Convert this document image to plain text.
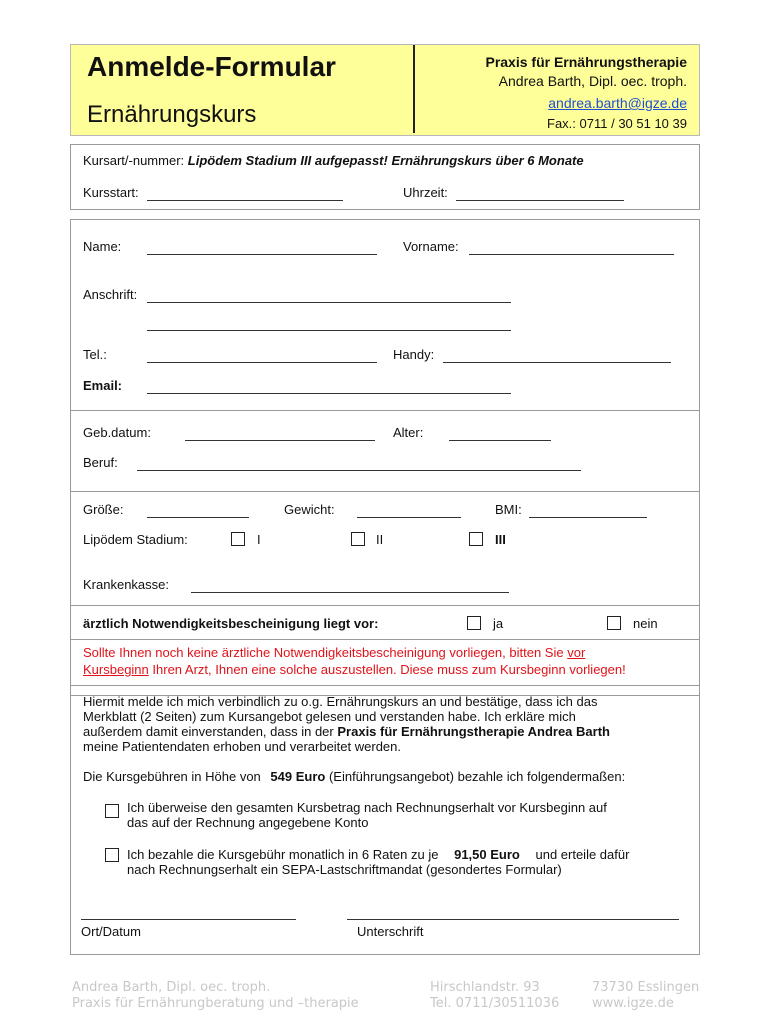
Anmelde-Formular
Ernährungskurs
Praxis für Ernährungstherapie
Andrea Barth, Dipl. oec. troph.
andrea.barth@igze.de
Fax.: 0711 / 30 51 10 39
Kursart/-nummer: Lipödem Stadium III aufgepasst! Ernährungskurs über 6 Monate
Kursstart:	Uhrzeit:
Name:	Vorname:
Anschrift:
Tel.:	Handy:
Email:
Geb.datum:	Alter:
Beruf:
Größe:	Gewicht:	BMI:
Lipödem Stadium:	I	II	III
Krankenkasse:
ärztlich Notwendigkeitsbescheinigung liegt vor:	ja	nein
Sollte Ihnen noch keine ärztliche Notwendigkeitsbescheinigung vorliegen, bitten Sie vor
Kursbeginn Ihren Arzt, Ihnen eine solche auszustellen. Diese muss zum Kursbeginn vorliegen!
Hiermit melde ich mich verbindlich zu o.g. Ernährungskurs an und bestätige, dass ich das
Merkblatt (2 Seiten) zum Kursangebot gelesen und verstanden habe. Ich erkläre mich
außerdem damit einverstanden, dass in der Praxis für Ernährungstherapie Andrea Barth
meine Patientendaten erhoben und verarbeitet werden.
Die Kursgebühren in Höhe von 549 Euro (Einführungsangebot) bezahle ich folgendermaßen:
Ich überweise den gesamten Kursbetrag nach Rechnungserhalt vor Kursbeginn auf
das auf der Rechnung angegebene Konto
Ich bezahle die Kursgebühr monatlich in 6 Raten zu je 91,50 Euro und erteile dafür
nach Rechnungserhalt ein SEPA-Lastschriftmandat (gesondertes Formular)
Ort/Datum	Unterschrift
Andrea Barth, Dipl. oec. troph.
Praxis für Ernährungberatung und –therapie
Hirschlandstr. 93
Tel. 0711/30511036
73730 Esslingen
www.igze.de
